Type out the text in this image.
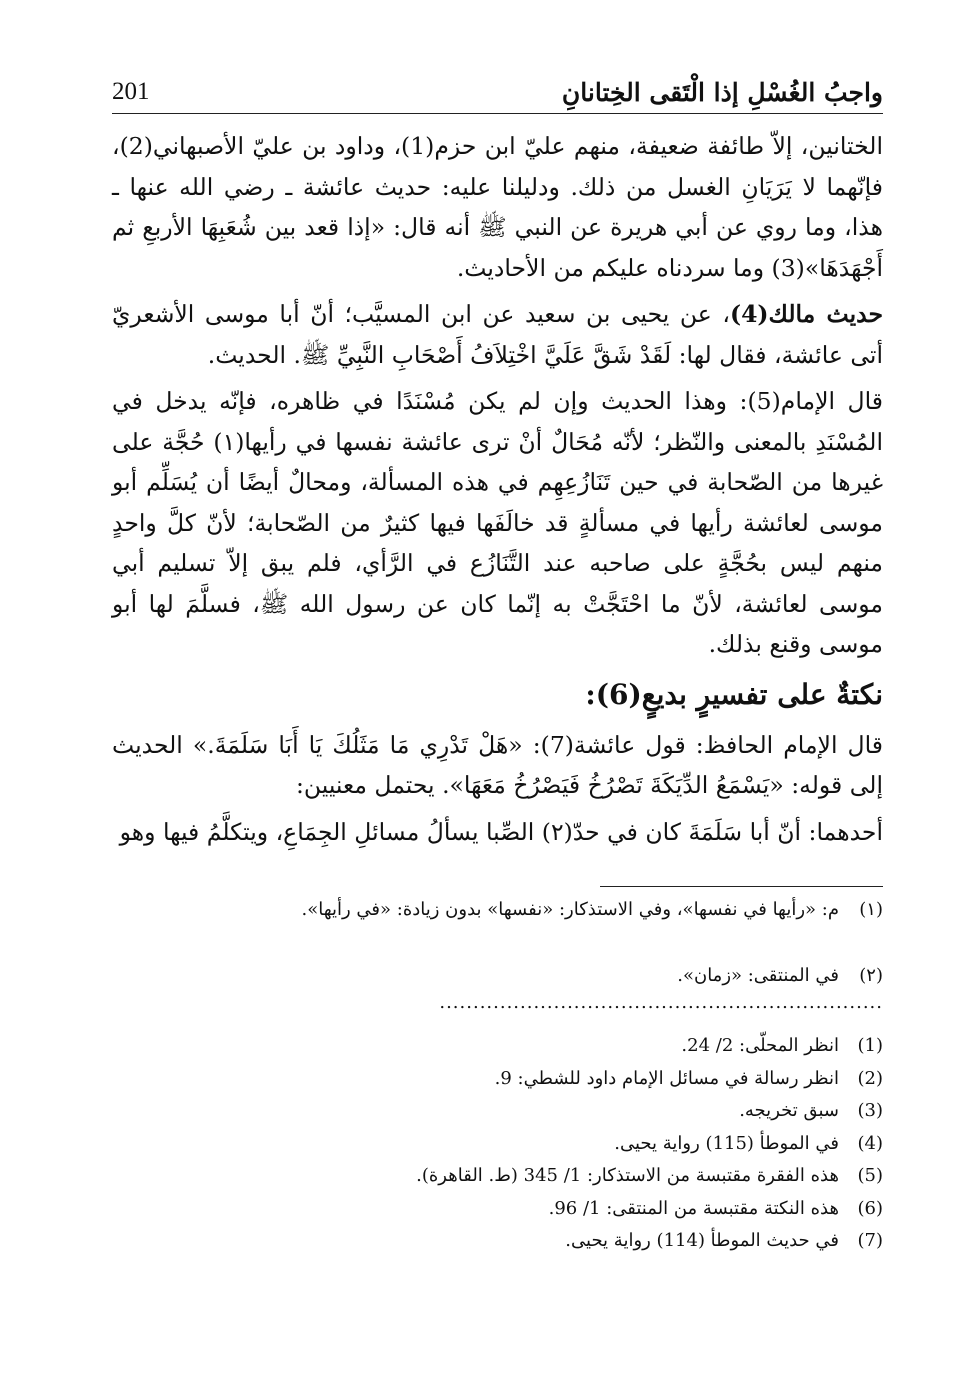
واجبُ الغُسْلِ إذا الْتَقى الخِتانانِ
201

الختانين، إلاّ طائفة ضعيفة، منهم عليّ ابن حزم(1)، وداود بن عليّ الأصبهاني(2)، فإنّهما لا يَرَيَانِ الغسل من ذلك. ودليلنا عليه: حديث عائشة ـ رضي الله عنها ـ هذا، وما روي عن أبي هريرة عن النبي ﷺ أنه قال: «إذا قعد بين شُعَبِهَا الأربعِ ثم أَجْهَدَهَا»(3) وما سردناه عليكم من الأحاديث.

حديث مالك(4)، عن يحيى بن سعيد عن ابن المسيَّب؛ أنّ أبا موسى الأشعريّ أتى عائشة، فقال لها: لَقَدْ شَقَّ عَلَيَّ اخْتِلاَفُ أَصْحَابِ النَّبِيِّ ﷺ. الحديث.

قال الإمام(5): وهذا الحديث وإن لم يكن مُسْنَدًا في ظاهره، فإنّه يدخل في المُسْنَدِ بالمعنى والنّظر؛ لأنّه مُحَالٌ أنْ ترى عائشة نفسها في رأيها(١) حُجَّة على غيرها من الصّحابة في حين تَنَازُعِهِم في هذه المسألة، ومحالٌ أيضًا أن يُسَلِّم أبو موسى لعائشة رأيها في مسألةٍ قد خالَفَها فيها كثيرٌ من الصّحابة؛ لأنّ كلَّ واحدٍ منهم ليس بحُجَّةٍ على صاحبه عند التَّنَازُع في الرَّأي، فلم يبق إلاّ تسليم أبي موسى لعائشة، لأنّ ما احْتَجَّتْ به إنّما كان عن رسول الله ﷺ، فسلَّمَ لها أبو موسى وقنع بذلك.

نكتةٌ على تفسيرٍ بديعٍ(6):

قال الإمام الحافظ: قول عائشة(7): «هَلْ تَدْرِي مَا مَثَلُكَ يَا أَبَا سَلَمَةَ.» الحديث إلى قوله: «يَسْمَعُ الدِّيَكَةَ تَصْرُخُ فَيَصْرُخُ مَعَهَا». يحتمل معنيين:

أحدهما: أنّ أبا سَلَمَةَ كان في حدّ(٢) الصِّبا يسألُ مسائلِ الجِمَاعِ، ويتكلَّمُ فيها وهو

(١)
م: «رأيها في نفسها»، وفي الاستذكار: «نفسها» بدون زيادة: «في رأيها».
(٢)
في المنتقى: «زمان».
..................................................................
(1)
انظر المحلّى: 2/ 24.
(2)
انظر رسالة في مسائل الإمام داود للشطي: 9.
(3)
سبق تخريجه.
(4)
في الموطأ (115) رواية يحيى.
(5)
هذه الفقرة مقتبسة من الاستذكار: 1/ 345 (ط. القاهرة).
(6)
هذه النكتة مقتبسة من المنتقى: 1/ 96.
(7)
في حديث الموطأ (114) رواية يحيى.
